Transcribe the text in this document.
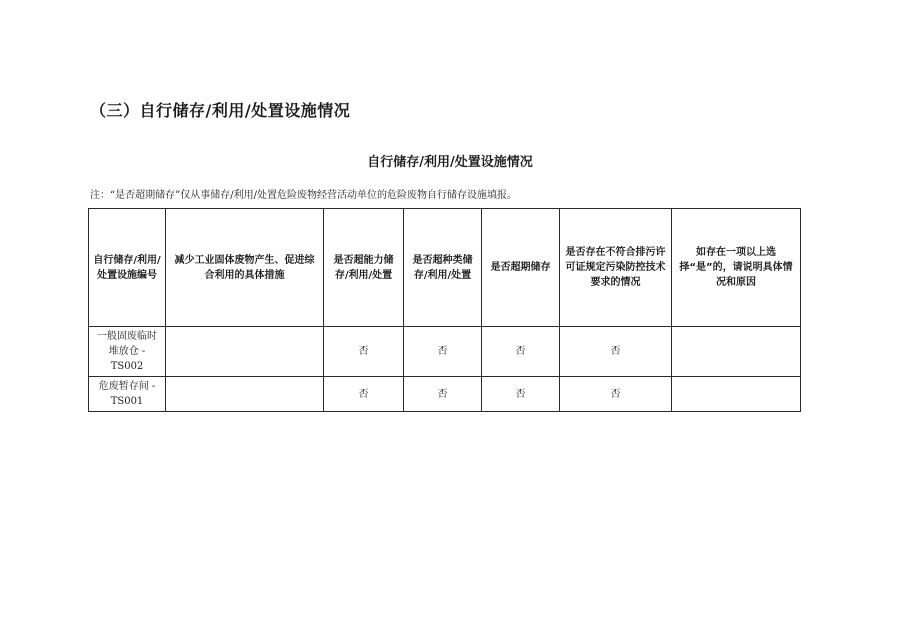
（三）自行储存/利用/处置设施情况
自行储存/利用/处置设施情况
注：“是否超期储存”仅从事储存/利用/处置危险废物经营活动单位的危险废物自行储存设施填报。
自行储存/利用/处置设施编号	减少工业固体废物产生、促进综合利用的具体措施	是否超能力储存/利用/处置	是否超种类储存/利用/处置	是否超期储存	是否存在不符合排污许可证规定污染防控技术要求的情况	如存在一项以上选择“是”的，请说明具体情况和原因
一般固废临时堆放仓 -TS002		否	否	否	否	
危废暂存间 -TS001		否	否	否	否	
